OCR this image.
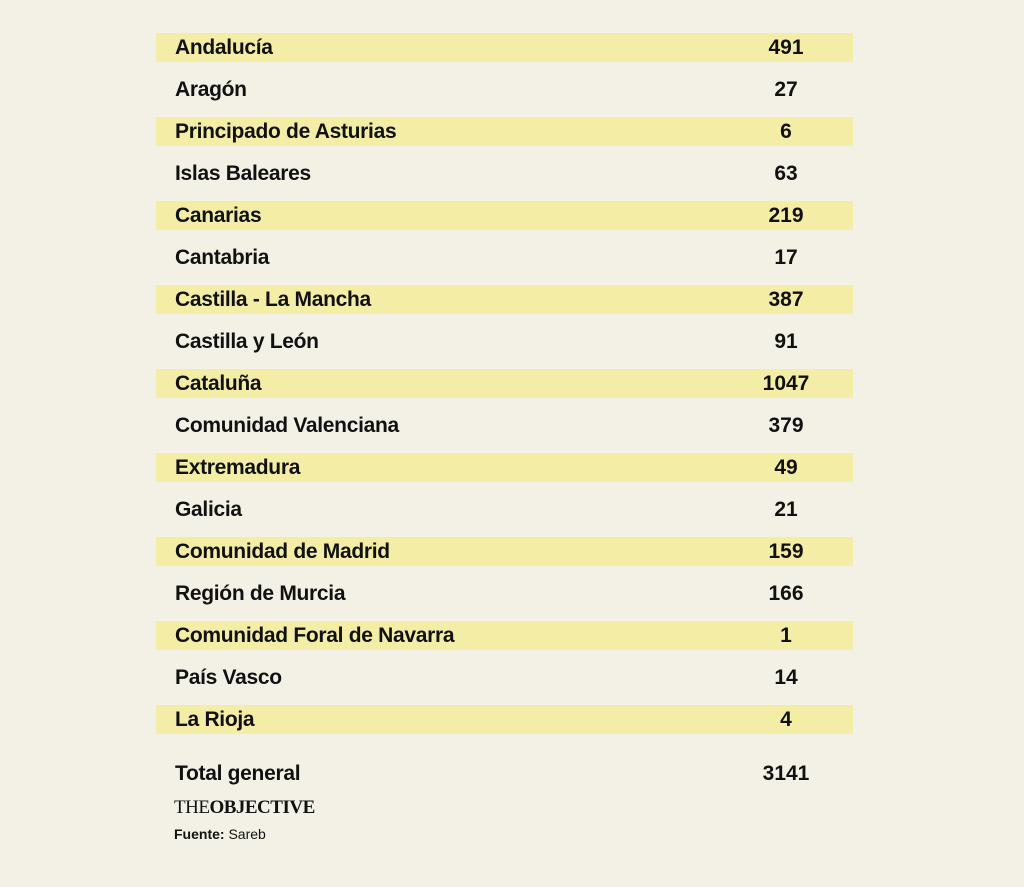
Andalucía	491
Aragón	27
Principado de Asturias	6
Islas Baleares	63
Canarias	219
Cantabria	17
Castilla - La Mancha	387
Castilla y León	91
Cataluña	1047
Comunidad Valenciana	379
Extremadura	49
Galicia	21
Comunidad de Madrid	159
Región de Murcia	166
Comunidad Foral de Navarra	1
País Vasco	14
La Rioja	4
Total general	3141
THEOBJECTIVE
Fuente: Sareb
